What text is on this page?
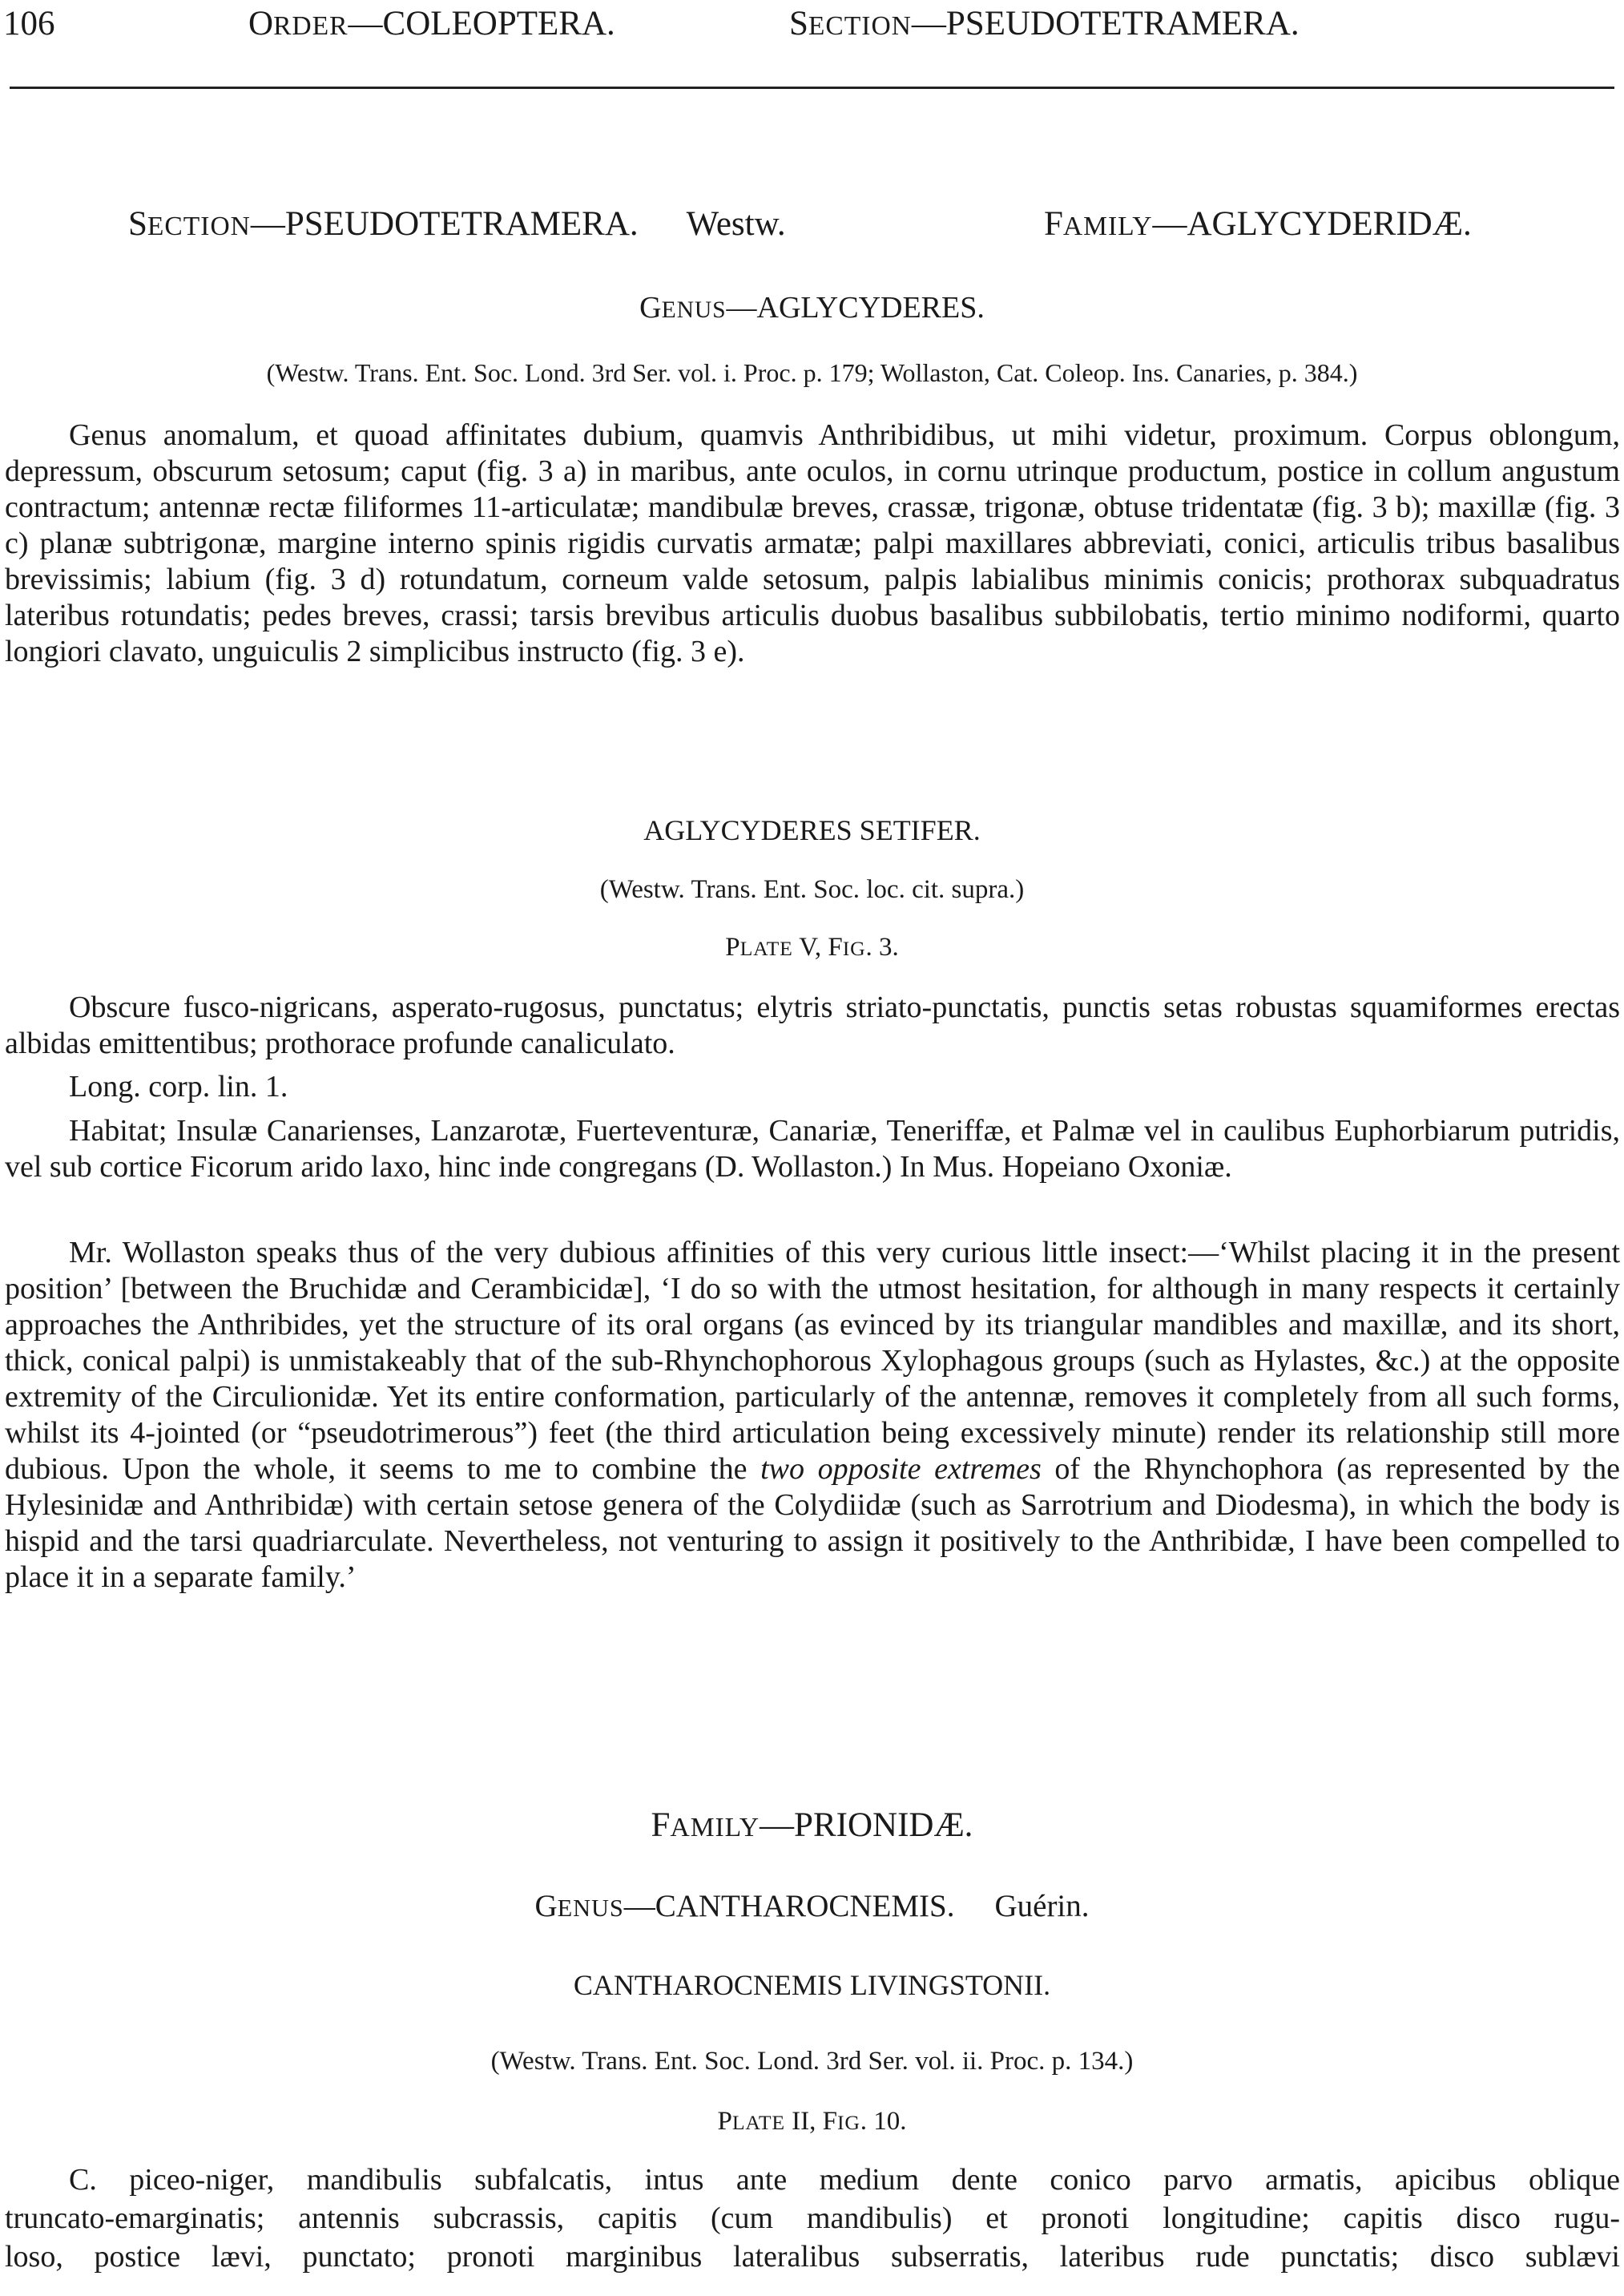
106	ORDER—COLEOPTERA.	SECTION—PSEUDOTETRAMERA.
SECTION—PSEUDOTETRAMERA. Westw.	FAMILY—AGLYCYDERIDÆ.
GENUS—AGLYCYDERES.
(Westw. Trans. Ent. Soc. Lond. 3rd Ser. vol. i. Proc. p. 179; Wollaston, Cat. Coleop. Ins. Canaries, p. 384.)

Genus anomalum, et quoad affinitates dubium, quamvis Anthribidibus, ut mihi videtur, proximum. Corpus oblongum, depressum, obscurum setosum; caput (fig. 3 a) in maribus, ante oculos, in cornu utrinque productum, postice in collum angustum contractum; antennæ rectæ filiformes 11-articulatæ; mandibulæ breves, crassæ, trigonæ, obtuse tridentatæ (fig. 3 b); maxillæ (fig. 3 c) planæ subtrigonæ, margine interno spinis rigidis curvatis armatæ; palpi maxillares abbreviati, conici, articulis tribus basalibus brevissimis; labium (fig. 3 d) rotundatum, corneum valde setosum, palpis labialibus minimis conicis; prothorax subquadratus lateribus rotundatis; pedes breves, crassi; tarsis brevibus articulis duobus basalibus subbilobatis, tertio minimo nodiformi, quarto longiori clavato, unguiculis 2 simplicibus instructo (fig. 3 e).

AGLYCYDERES SETIFER.
(Westw. Trans. Ent. Soc. loc. cit. supra.)
PLATE V, FIG. 3.

Obscure fusco-nigricans, asperato-rugosus, punctatus; elytris striato-punctatis, punctis setas robustas squamiformes erectas albidas emittentibus; prothorace profunde canaliculato.

Long. corp. lin. 1.

Habitat; Insulæ Canarienses, Lanzarotæ, Fuerteventuræ, Canariæ, Teneriffæ, et Palmæ vel in caulibus Euphorbiarum putridis, vel sub cortice Ficorum arido laxo, hinc inde congregans (D. Wollaston.) In Mus. Hopeiano Oxoniæ.

Mr. Wollaston speaks thus of the very dubious affinities of this very curious little insect:—‘Whilst placing it in the present position’ [between the Bruchidæ and Cerambicidæ], ‘I do so with the utmost hesitation, for although in many respects it certainly approaches the Anthribides, yet the structure of its oral organs (as evinced by its triangular mandibles and maxillæ, and its short, thick, conical palpi) is unmistakeably that of the sub-Rhynchophorous Xylophagous groups (such as Hylastes, &c.) at the opposite extremity of the Circulionidæ. Yet its entire conformation, particularly of the antennæ, removes it completely from all such forms, whilst its 4-jointed (or “pseudotrimerous”) feet (the third articulation being excessively minute) render its relationship still more dubious. Upon the whole, it seems to me to combine the two opposite extremes of the Rhynchophora (as represented by the Hylesinidæ and Anthribidæ) with certain setose genera of the Colydiidæ (such as Sarrotrium and Diodesma), in which the body is hispid and the tarsi quadriarculate. Nevertheless, not venturing to assign it positively to the Anthribidæ, I have been compelled to place it in a separate family.’

FAMILY—PRIONIDÆ.
GENUS—CANTHAROCNEMIS. Guérin.
CANTHAROCNEMIS LIVINGSTONII.
(Westw. Trans. Ent. Soc. Lond. 3rd Ser. vol. ii. Proc. p. 134.)
PLATE II, FIG. 10.
C. piceo-niger, mandibulis subfalcatis, intus ante medium dente conico parvo armatis, apicibus oblique
truncato-emarginatis; antennis subcrassis, capitis (cum mandibulis) et pronoti longitudine; capitis disco rugu-
loso, postice lævi, punctato; pronoti marginibus lateralibus subserratis, lateribus rude punctatis; disco sublævi
